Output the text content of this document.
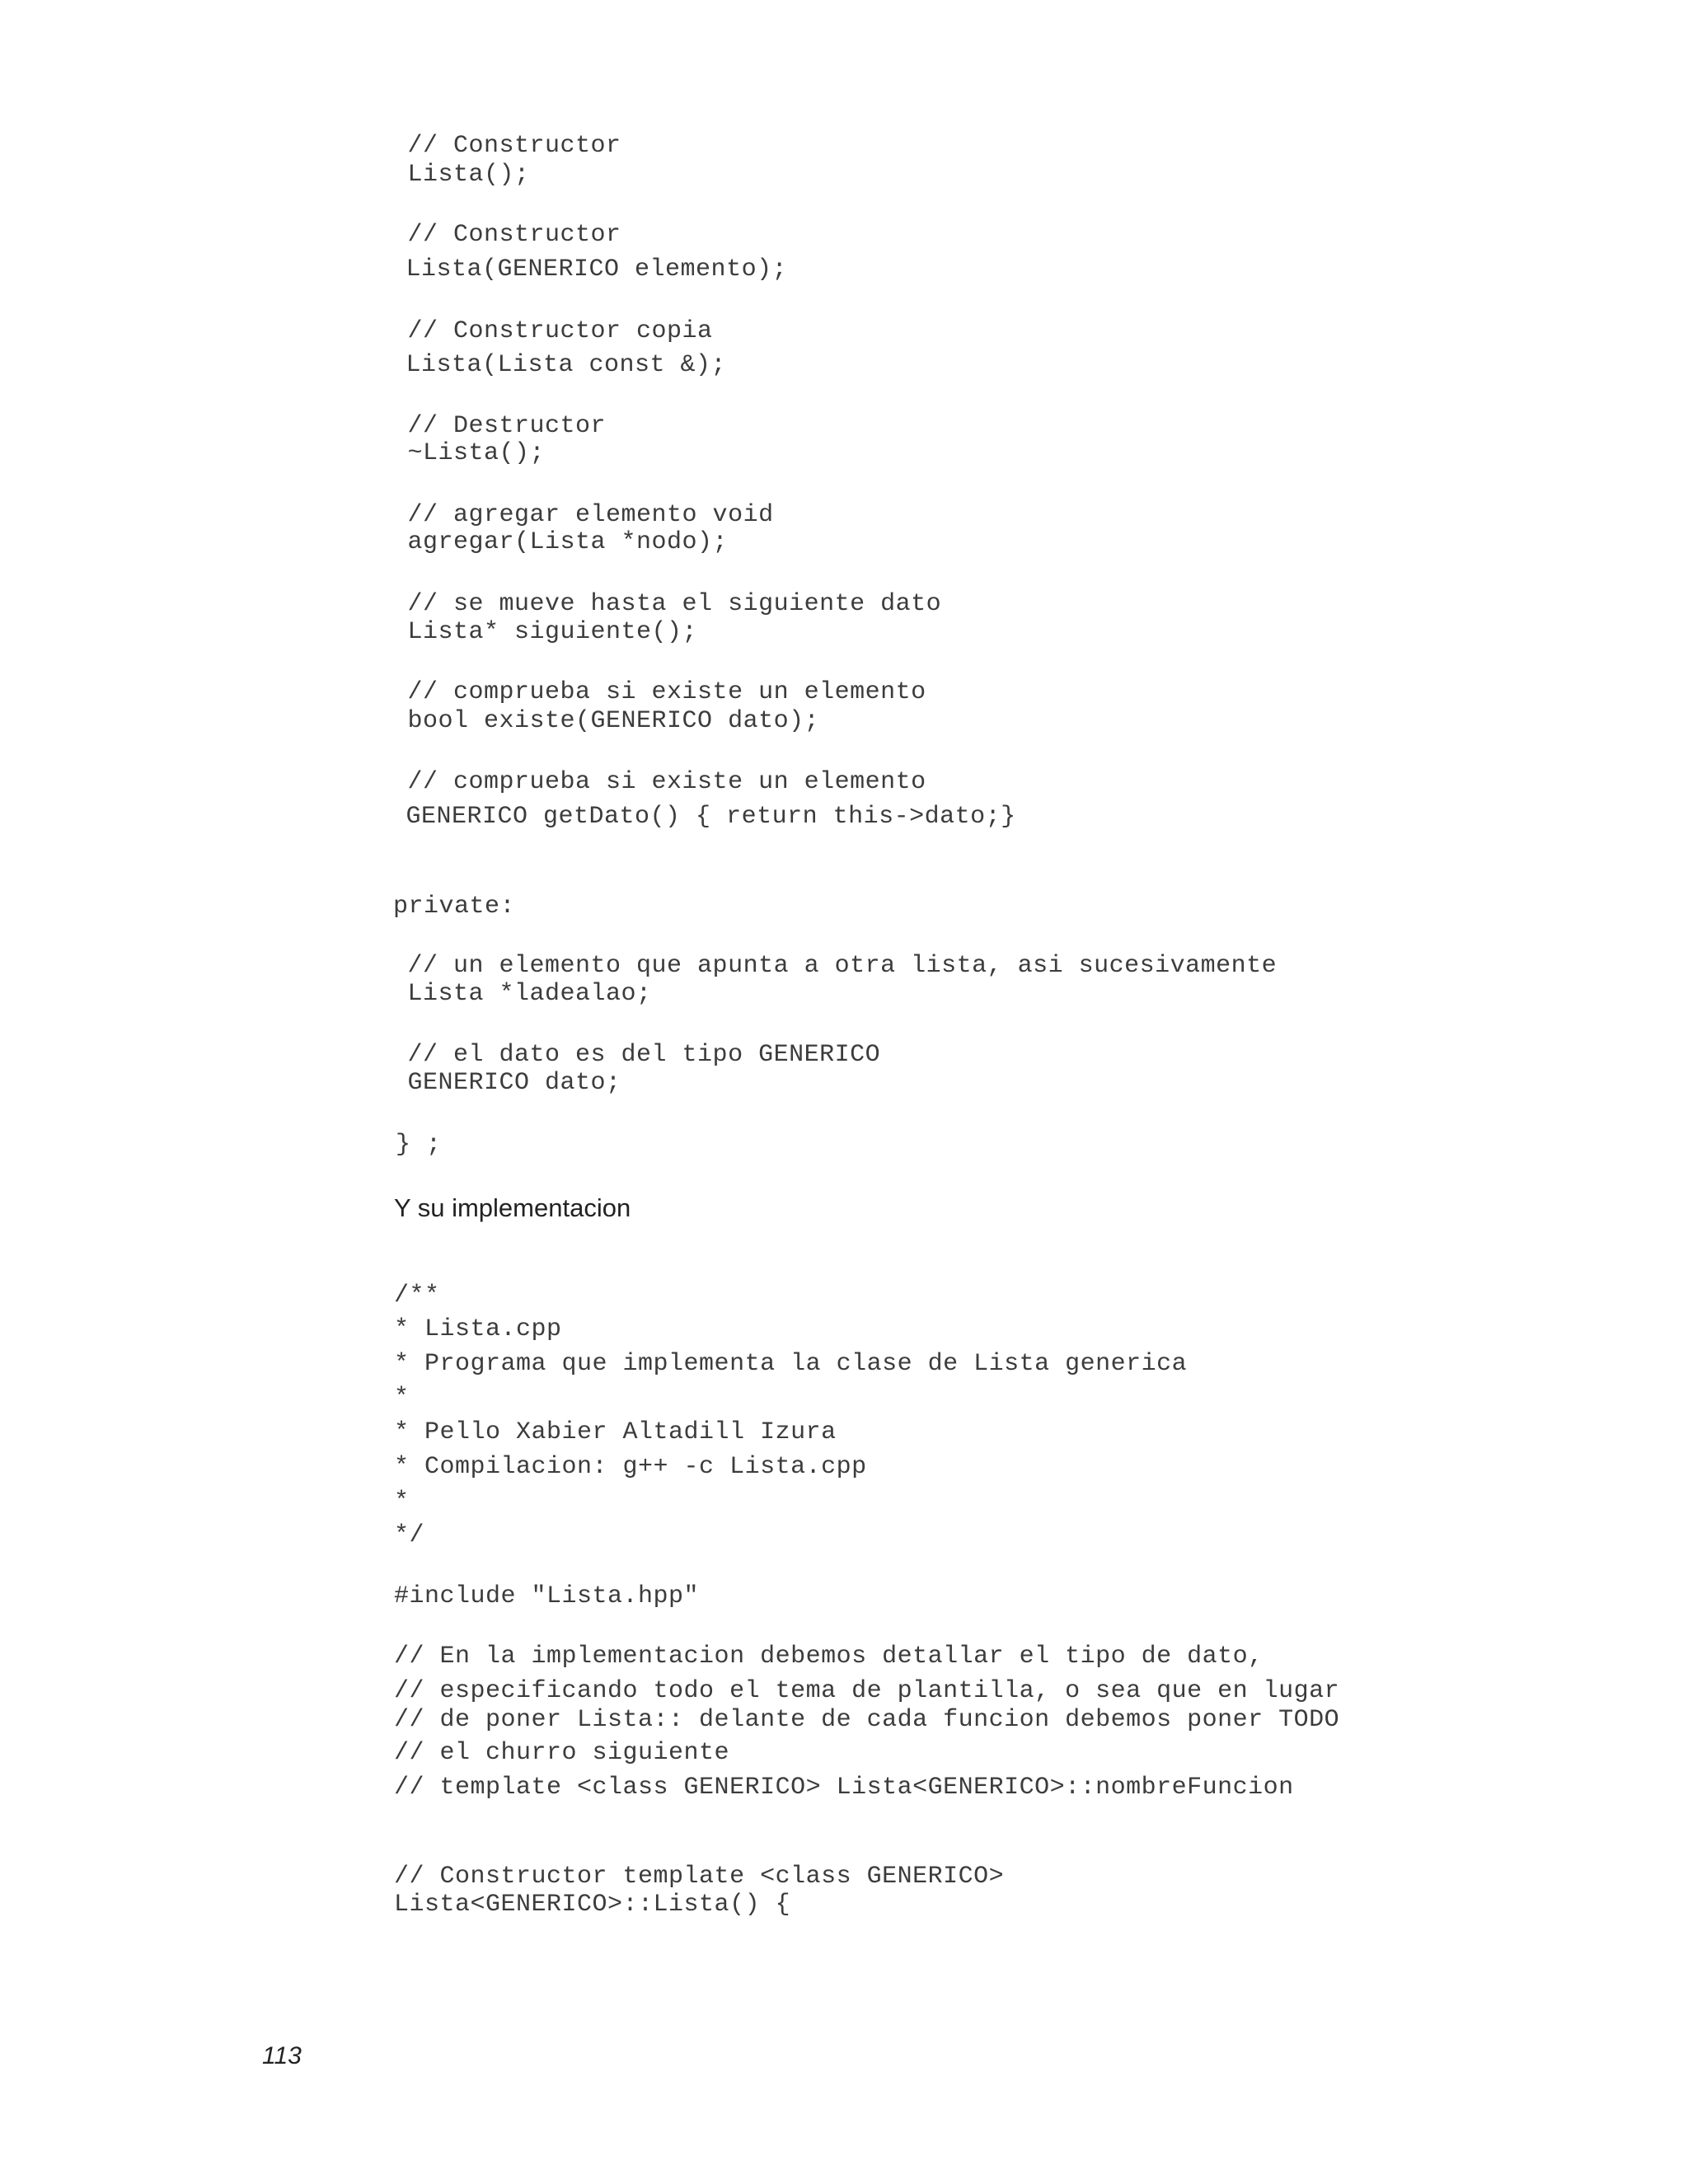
// Constructor
Lista();
// Constructor
Lista(GENERICO elemento);
// Constructor copia
Lista(Lista const &);
// Destructor
~Lista();
// agregar elemento void
agregar(Lista *nodo);
// se mueve hasta el siguiente dato
Lista* siguiente();
// comprueba si existe un elemento
bool existe(GENERICO dato);
// comprueba si existe un elemento
GENERICO getDato() { return this->dato;}
private:
// un elemento que apunta a otra lista, asi sucesivamente
Lista *ladealao;
// el dato es del tipo GENERICO
GENERICO dato;
} ;
Y su implementacion
/**
* Lista.cpp
* Programa que implementa la clase de Lista generica
*
* Pello Xabier Altadill Izura
* Compilacion: g++ -c Lista.cpp
*
*/
#include "Lista.hpp"
// En la implementacion debemos detallar el tipo de dato,
// especificando todo el tema de plantilla, o sea que en lugar
// de poner Lista:: delante de cada funcion debemos poner TODO
// el churro siguiente
// template <class GENERICO> Lista<GENERICO>::nombreFuncion
// Constructor template <class GENERICO>
Lista<GENERICO>::Lista() {
113
